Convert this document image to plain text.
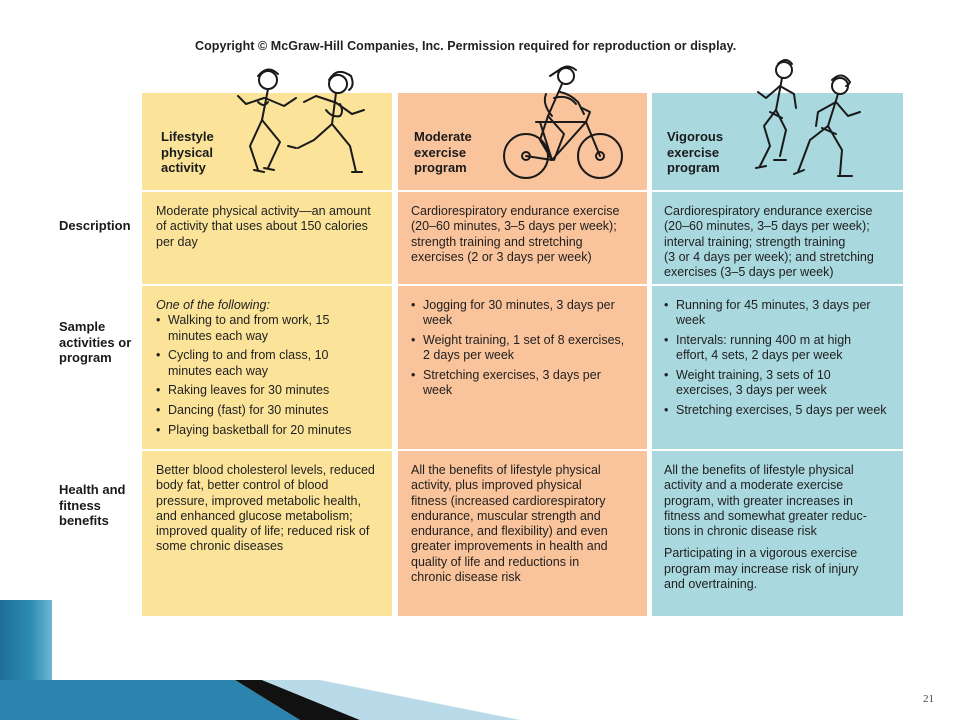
Copyright © McGraw-Hill Companies, Inc. Permission required for reproduction or display.
Lifestyle
physical
activity
Moderate
exercise
program
Vigorous
exercise
program
Description
Sample
activities or
program
Health and
fitness
benefits
Moderate physical activity—an amount
of activity that uses about 150 calories
per day
Cardiorespiratory endurance exercise
(20–60 minutes, 3–5 days per week);
strength training and stretching
exercises (2 or 3 days per week)
Cardiorespiratory endurance exercise
(20–60 minutes, 3–5 days per week);
interval training; strength training
(3 or 4 days per week); and stretching
exercises (3–5 days per week)
One of the following:
• Walking to and from work, 15
minutes each way
• Cycling to and from class, 10
minutes each way
• Raking leaves for 30 minutes
• Dancing (fast) for 30 minutes
• Playing basketball for 20 minutes
• Jogging for 30 minutes, 3 days per
week
• Weight training, 1 set of 8 exercises,
2 days per week
• Stretching exercises, 3 days per
week
• Running for 45 minutes, 3 days per
week
• Intervals: running 400 m at high
effort, 4 sets, 2 days per week
• Weight training, 3 sets of 10
exercises, 3 days per week
• Stretching exercises, 5 days per week
Better blood cholesterol levels, reduced
body fat, better control of blood
pressure, improved metabolic health,
and enhanced glucose metabolism;
improved quality of life; reduced risk of
some chronic diseases
All the benefits of lifestyle physical
activity, plus improved physical
fitness (increased cardiorespiratory
endurance, muscular strength and
endurance, and flexibility) and even
greater improvements in health and
quality of life and reductions in
chronic disease risk

All the benefits of lifestyle physical
activity and a moderate exercise
program, with greater increases in
fitness and somewhat greater reduc-
tions in chronic disease risk

Participating in a vigorous exercise
program may increase risk of injury
and overtraining.

21
